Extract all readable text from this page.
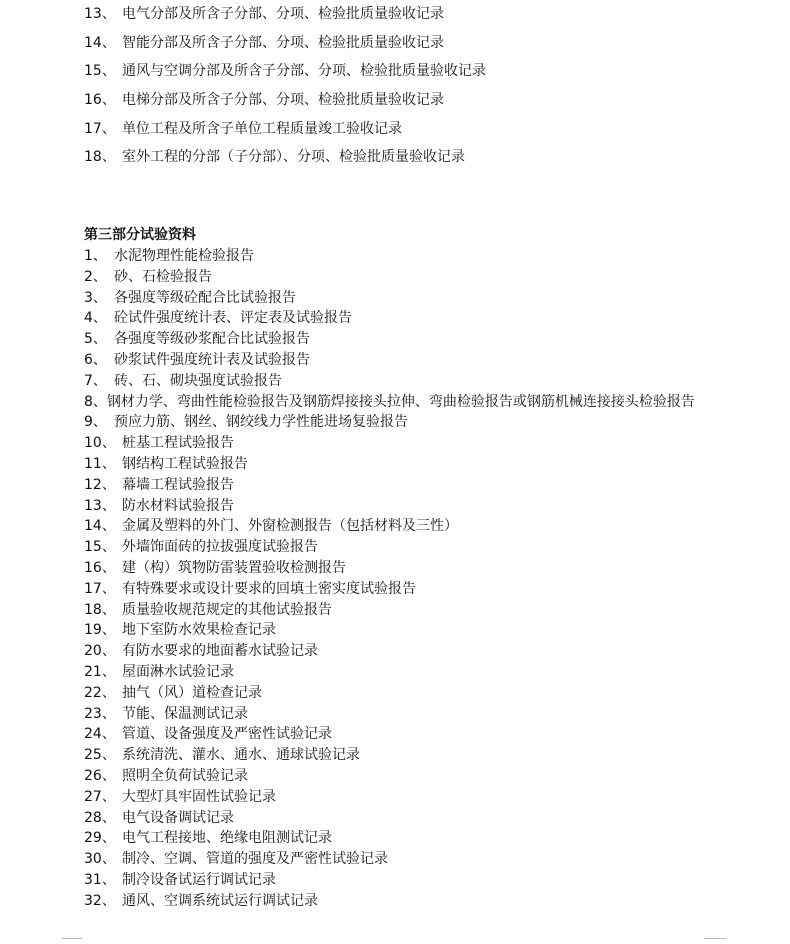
13、 电气分部及所含子分部、分项、检验批质量验收记录
14、 智能分部及所含子分部、分项、检验批质量验收记录
15、 通风与空调分部及所含子分部、分项、检验批质量验收记录
16、 电梯分部及所含子分部、分项、检验批质量验收记录
17、 单位工程及所含子单位工程质量竣工验收记录
18、 室外工程的分部（子分部）、分项、检验批质量验收记录
第三部分试验资料
1、 水泥物理性能检验报告
2、 砂、石检验报告
3、 各强度等级砼配合比试验报告
4、 砼试件强度统计表、评定表及试验报告
5、 各强度等级砂浆配合比试验报告
6、 砂浆试件强度统计表及试验报告
7、 砖、石、砌块强度试验报告
8、钢材力学、弯曲性能检验报告及钢筋焊接接头拉伸、弯曲检验报告或钢筋机械连接接头检验报告
9、 预应力筋、钢丝、钢绞线力学性能进场复验报告
10、 桩基工程试验报告
11、 钢结构工程试验报告
12、 幕墙工程试验报告
13、 防水材料试验报告
14、 金属及塑料的外门、外窗检测报告（包括材料及三性）
15、 外墙饰面砖的拉拔强度试验报告
16、 建（构）筑物防雷装置验收检测报告
17、 有特殊要求或设计要求的回填土密实度试验报告
18、 质量验收规范规定的其他试验报告
19、 地下室防水效果检查记录
20、 有防水要求的地面蓄水试验记录
21、 屋面淋水试验记录
22、 抽气（风）道检查记录
23、 节能、保温测试记录
24、 管道、设备强度及严密性试验记录
25、 系统清洗、灌水、通水、通球试验记录
26、 照明全负荷试验记录
27、 大型灯具牢固性试验记录
28、 电气设备调试记录
29、 电气工程接地、绝缘电阻测试记录
30、 制冷、空调、管道的强度及严密性试验记录
31、 制冷设备试运行调试记录
32、 通风、空调系统试运行调试记录
